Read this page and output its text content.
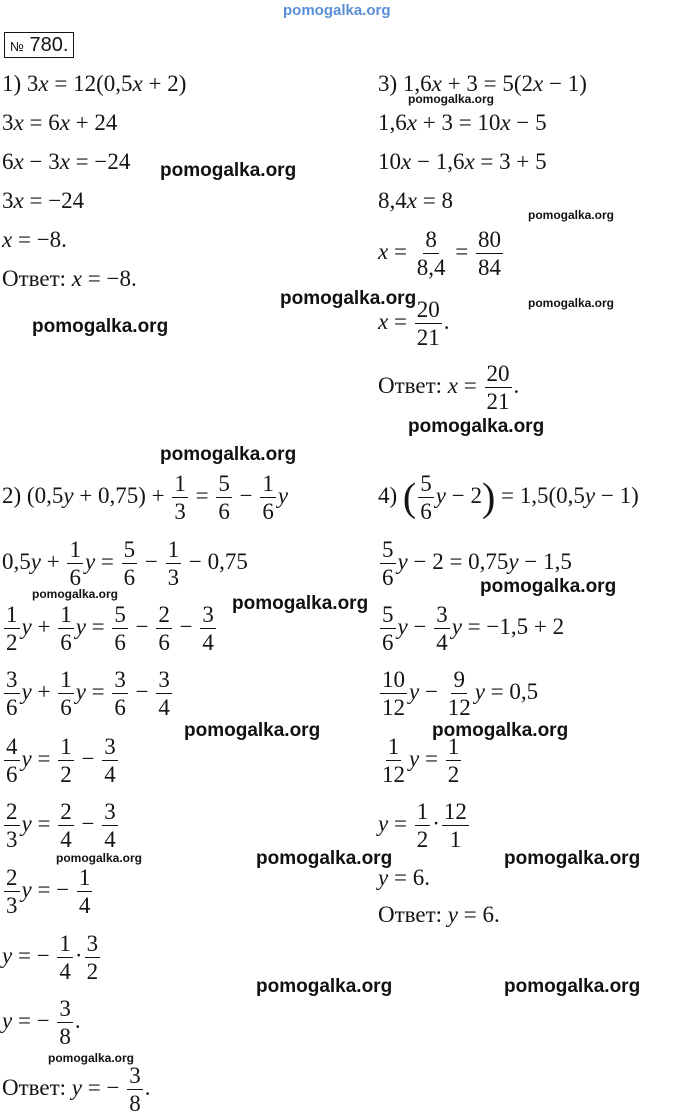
pomogalka.org
№ 780.
1) 3x = 12(0,5x + 2)
3x = 6x + 24
6x − 3x = −24
3x = −24
x = −8.
Ответ: x = −8.
3) 1,6x + 3 = 5(2x − 1)
1,6x + 3 = 10x − 5
10x − 1,6x = 3 + 5
8,4x = 8
$x = \frac{8}{8,4} = \frac{80}{84}$
$x = \frac{20}{21}$ .
Ответ: $x = \frac{20}{21}$ .
2) $(0,5y + 0,75) + \frac{1}{3} = \frac{5}{6} - \frac{1}{6}$ y
$0,5y + \frac{1}{6}$ $y = \frac{5}{6} - \frac{1}{3} - 0,75$
$\frac{1}{2}$ $y + \frac{1}{6}$ $y = \frac{5}{6} - \frac{2}{6} - \frac{3}{4}$
$\frac{3}{6}$ $y + \frac{1}{6}$ $y = \frac{3}{6} - \frac{3}{4}$
$\frac{4}{6}$ $y = \frac{1}{2} - \frac{3}{4}$
$\frac{2}{3}$ $y = \frac{2}{4} - \frac{3}{4}$
$\frac{2}{3}$ y = − $\frac{1}{4}$
y = − $\frac{1}{4} \cdot \frac{3}{2}$
y = − $\frac{3}{8}$ .
Ответ: y = − $\frac{3}{8}$ .
4) ( $\frac{5}{6}$ y − 2) = 1,5(0,5y − 1)
$\frac{5}{6}$ y − 2 = 0,75y − 1,5
$\frac{5}{6}$ $y - \frac{3}{4}$ y = −1,5 + 2
$\frac{10}{12}$ $y - \frac{9}{12}$ y = 0,5
$\frac{1}{12}$ $y = \frac{1}{2}$
$y = \frac{1}{2} \cdot \frac{12}{1}$
y = 6.
Ответ: y = 6.
pomogalka.org
pomogalka.org
pomogalka.org
pomogalka.org	pomogalka.org
pomogalka.org
pomogalka.org
pomogalka.org
pomogalka.org	pomogalka.org
pomogalka.org
pomogalka.org	pomogalka.org
pomogalka.org	pomogalka.org	pomogalka.org
pomogalka.org	pomogalka.org
pomogalka.org
